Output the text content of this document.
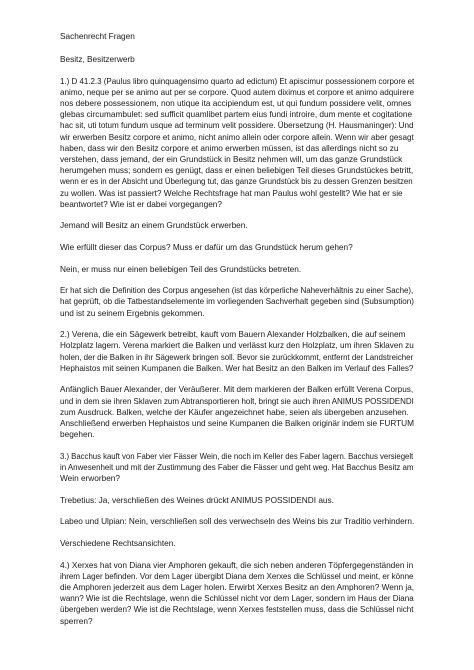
Sachenrecht Fragen
Besitz, Besitzerwerb
1.) D 41.2.3 (Paulus libro quinquagensimo quarto ad edictum) Et apiscimur possessionem corpore et
animo, neque per se animo aut per se corpore. Quod autem diximus et corpore et animo adquirere
nos debere possessionem, non utique ita accipiendum est, ut qui fundum possidere velit, omnes
glebas circumambulet: sed sufficit quamlibet partem eius fundi introire, dum mente et cogitatione
hac sit, uti totum fundum usque ad terminum velit possidere. Übersetzung (H. Hausmaninger): Und
wir erwerben Besitz corpore et animo, nicht animo allein oder corpore allein. Wenn wir aber gesagt
haben, dass wir den Besitz corpore et animo erwerben müssen, ist das allerdings nicht so zu
verstehen, dass jemand, der ein Grundstück in Besitz nehmen will, um das ganze Grundstück
herumgehen muss; sondern es genügt, dass er einen beliebigen Teil dieses Grundstückes betritt,
wenn er es in der Absicht und Überlegung tut, das ganze Grundstück bis zu dessen Grenzen besitzen
zu wollen. Was ist passiert? Welche Rechtsfrage hat man Paulus wohl gestellt? Wie hat er sie
beantwortet? Wie ist er dabei vorgegangen?
Jemand will Besitz an einem Grundstück erwerben.
Wie erfüllt dieser das Corpus? Muss er dafür um das Grundstück herum gehen?
Nein, er muss nur einen beliebigen Teil des Grundstücks betreten.
Er hat sich die Definition des Corpus angesehen (ist das körperliche Naheverhältnis zu einer Sache),
hat geprüft, ob die Tatbestandselemente im vorliegenden Sachverhalt gegeben sind (Subsumption)
und ist zu seinem Ergebnis gekommen.
2.) Verena, die ein Sägewerk betreibt, kauft vom Bauern Alexander Holzbalken, die auf seinem
Holzplatz lagern. Verena markiert die Balken und verlässt kurz den Holzplatz, um ihren Sklaven zu
holen, der die Balken in ihr Sägewerk bringen soll. Bevor sie zurückkommt, entfernt der Landstreicher
Hephaistos mit seinen Kumpanen die Balken. Wer hat Besitz an den Balken im Verlauf des Falles?
Anfänglich Bauer Alexander, der Veräußerer. Mit dem markieren der Balken erfüllt Verena Corpus,
und in dem sie ihren Sklaven zum Abtransportieren holt, bringt sie auch ihren ANIMUS POSSIDENDI
zum Ausdruck. Balken, welche der Käufer angezeichnet habe, seien als übergeben anzusehen.
Anschließend erwerben Hephaistos und seine Kumpanen die Balken originär indem sie FURTUM
begehen.
3.) Bacchus kauft von Faber vier Fässer Wein, die noch im Keller des Faber lagern. Bacchus versiegelt
in Anwesenheit und mit der Zustimmung des Faber die Fässer und geht weg. Hat Bacchus Besitz am
Wein erworben?
Trebetius: Ja, verschließen des Weines drückt ANIMUS POSSIDENDI aus.
Labeo und Ulpian: Nein, verschließen soll des verwechseln des Weins bis zur Traditio verhindern.
Verschiedene Rechtsansichten.
4.) Xerxes hat von Diana vier Amphoren gekauft, die sich neben anderen Töpfergegenständen in
ihrem Lager befinden. Vor dem Lager übergibt Diana dem Xerxes die Schlüssel und meint, er könne
die Amphoren jederzeit aus dem Lager holen. Erwirbt Xerxes Besitz an den Amphoren? Wenn ja,
wann? Wie ist die Rechtslage, wenn die Schlüssel nicht vor dem Lager, sondern im Haus der Diana
übergeben werden? Wie ist die Rechtslage, wenn Xerxes feststellen muss, dass die Schlüssel nicht
sperren?
